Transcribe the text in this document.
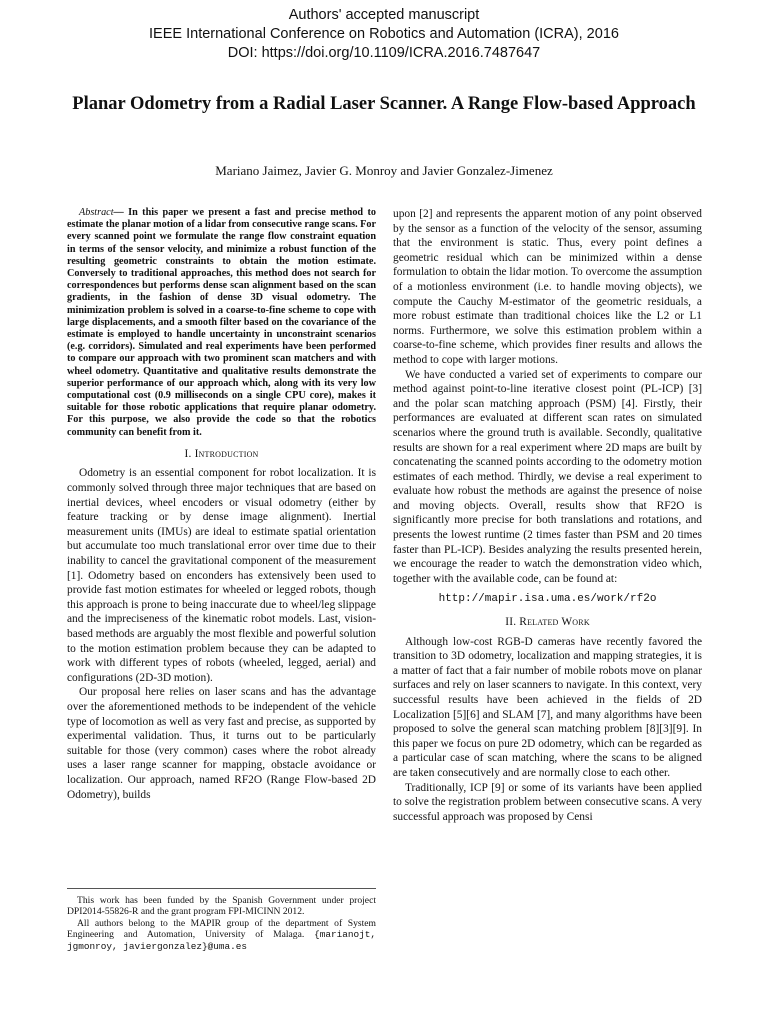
Authors' accepted manuscript
IEEE International Conference on Robotics and Automation (ICRA), 2016
DOI: https://doi.org/10.1109/ICRA.2016.7487647
Planar Odometry from a Radial Laser Scanner. A Range Flow-based Approach
Mariano Jaimez, Javier G. Monroy and Javier Gonzalez-Jimenez

Abstract— In this paper we present a fast and precise method to estimate the planar motion of a lidar from consecutive range scans. For every scanned point we formulate the range flow constraint equation in terms of the sensor velocity, and minimize a robust function of the resulting geometric constraints to obtain the motion estimate. Conversely to traditional approaches, this method does not search for correspondences but performs dense scan alignment based on the scan gradients, in the fashion of dense 3D visual odometry. The minimization problem is solved in a coarse-to-fine scheme to cope with large displacements, and a smooth filter based on the covariance of the estimate is employed to handle uncertainty in unconstraint scenarios (e.g. corridors). Simulated and real experiments have been performed to compare our approach with two prominent scan matchers and with wheel odometry. Quantitative and qualitative results demonstrate the superior performance of our approach which, along with its very low computational cost (0.9 milliseconds on a single CPU core), makes it suitable for those robotic applications that require planar odometry. For this purpose, we also provide the code so that the robotics community can benefit from it.

I. Introduction

Odometry is an essential component for robot localization. It is commonly solved through three major techniques that are based on inertial devices, wheel encoders or visual odometry (either by feature tracking or by dense image alignment). Inertial measurement units (IMUs) are ideal to estimate spatial orientation but accumulate too much translational error over time due to their inability to cancel the gravitational component of the measurement [1]. Odometry based on enconders has extensively been used to provide fast motion estimates for wheeled or legged robots, though this approach is prone to being inaccurate due to wheel/leg slippage and the impreciseness of the kinematic robot models. Last, vision-based methods are arguably the most flexible and powerful solution to the motion estimation problem because they can be adapted to work with different types of robots (wheeled, legged, aerial) and configurations (2D-3D motion).

Our proposal here relies on laser scans and has the advantage over the aforementioned methods to be independent of the vehicle type of locomotion as well as very fast and precise, as supported by experimental validation. Thus, it turns out to be particularly suitable for those (very common) cases where the robot already uses a laser range scanner for mapping, obstacle avoidance or localization. Our approach, named RF2O (Range Flow-based 2D Odometry), builds

upon [2] and represents the apparent motion of any point observed by the sensor as a function of the velocity of the sensor, assuming that the environment is static. Thus, every point defines a geometric residual which can be minimized within a dense formulation to obtain the lidar motion. To overcome the assumption of a motionless environment (i.e. to handle moving objects), we compute the Cauchy M-estimator of the geometric residuals, a more robust estimate than traditional choices like the L2 or L1 norms. Furthermore, we solve this estimation problem within a coarse-to-fine scheme, which provides finer results and allows the method to cope with larger motions.

We have conducted a varied set of experiments to compare our method against point-to-line iterative closest point (PL-ICP) [3] and the polar scan matching approach (PSM) [4]. Firstly, their performances are evaluated at different scan rates on simulated scenarios where the ground truth is available. Secondly, qualitative results are shown for a real experiment where 2D maps are built by concatenating the scanned points according to the odometry motion estimates of each method. Thirdly, we devise a real experiment to evaluate how robust the methods are against the presence of noise and moving objects. Overall, results show that RF2O is significantly more precise for both translations and rotations, and presents the lowest runtime (2 times faster than PSM and 20 times faster than PL-ICP). Besides analyzing the results presented herein, we encourage the reader to watch the demonstration video which, together with the available code, can be found at:

http://mapir.isa.uma.es/work/rf2o
II. Related Work

Although low-cost RGB-D cameras have recently favored the transition to 3D odometry, localization and mapping strategies, it is a matter of fact that a fair number of mobile robots move on planar surfaces and rely on laser scanners to navigate. In this context, very successful results have been achieved in the fields of 2D Localization [5][6] and SLAM [7], and many algorithms have been proposed to solve the general scan matching problem [8][3][9]. In this paper we focus on pure 2D odometry, which can be regarded as a particular case of scan matching, where the scans to be aligned are taken consecutively and are normally close to each other.

Traditionally, ICP [9] or some of its variants have been applied to solve the registration problem between consecutive scans. A very successful approach was proposed by Censi

This work has been funded by the Spanish Government under project DPI2014-55826-R and the grant program FPI-MICINN 2012.

All authors belong to the MAPIR group of the department of System Engineering and Automation, University of Malaga. {marianojt, jgmonroy, javiergonzalez}@uma.es
